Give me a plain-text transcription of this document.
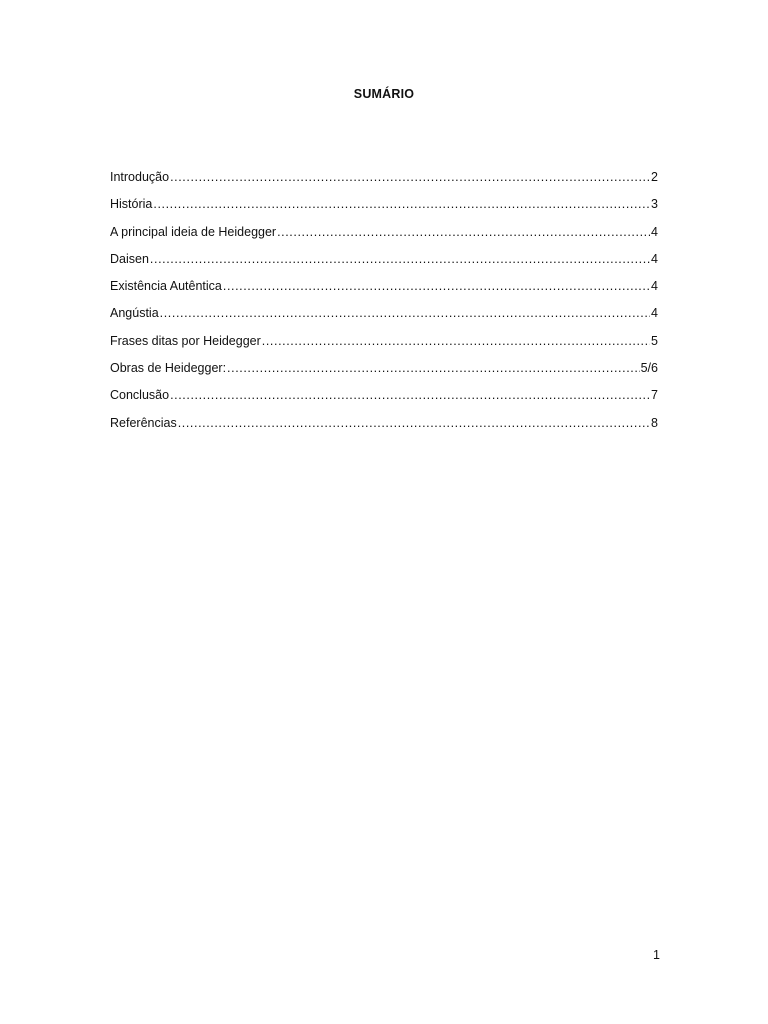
SUMÁRIO
Introdução .....	2
História .....	3
A principal ideia de Heidegger .....	4
Daisen .....	4
Existência Autêntica .....	4
Angústia .....	4
Frases ditas por Heidegger .....	5
Obras de Heidegger: .....	5/6
Conclusão .....	7
Referências .....	8
1
